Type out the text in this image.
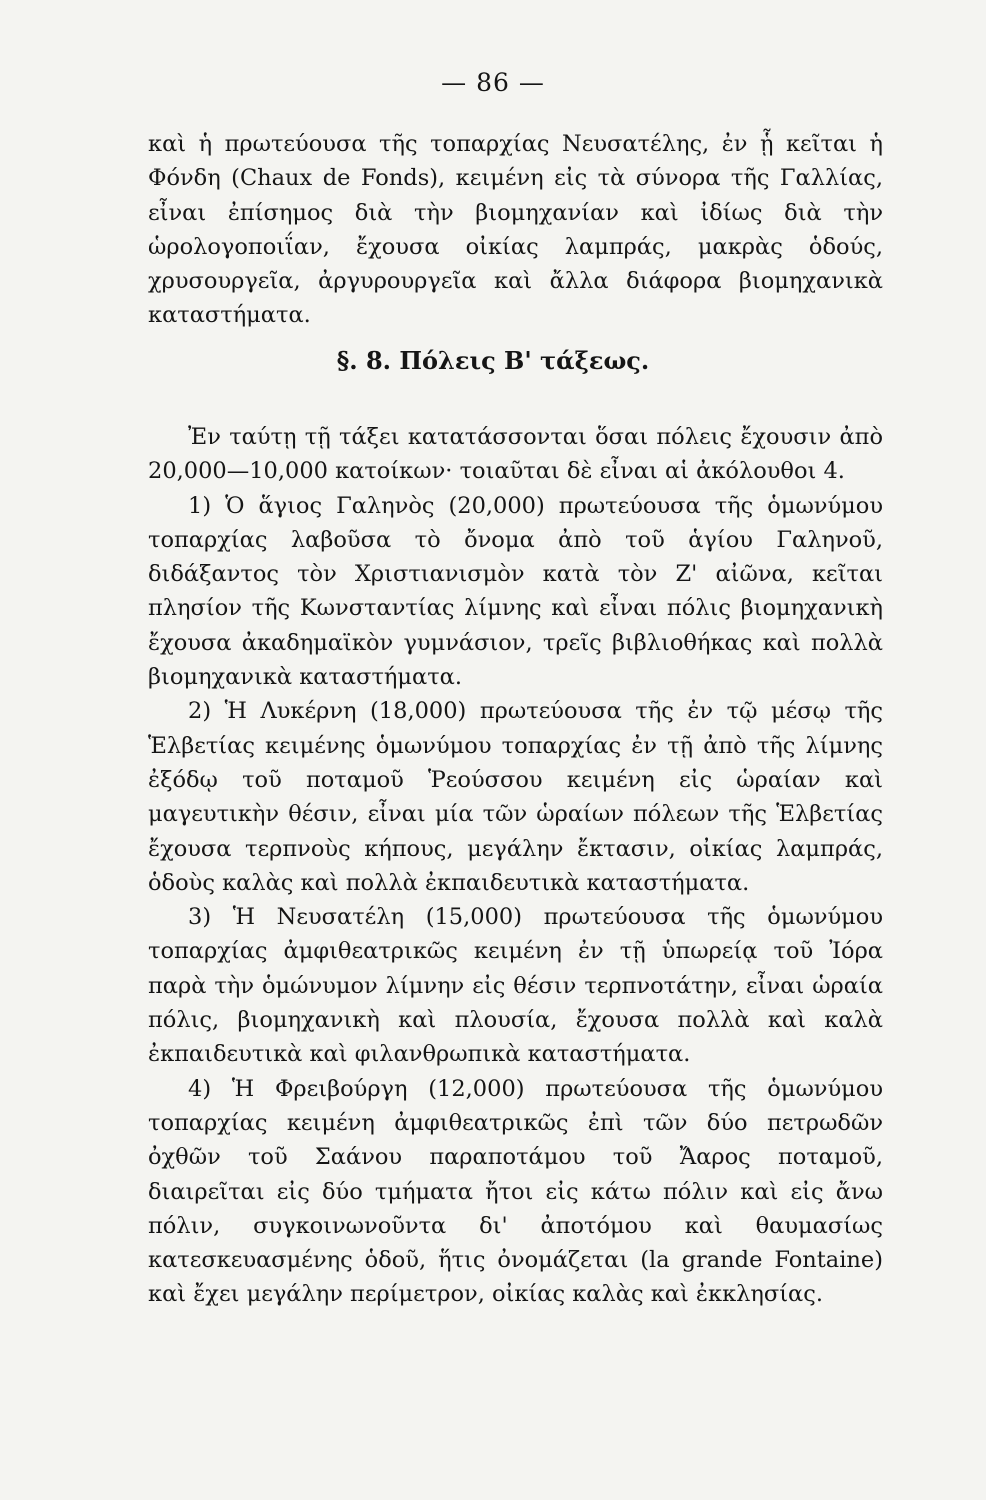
— 86 —

καὶ ἡ πρωτεύουσα τῆς τοπαρχίας Νευσατέλης, ἐν ᾗ κεῖται ἡ Φόνδη (Chaux de Fonds), κειμένη εἰς τὰ σύνορα τῆς Γαλλίας, εἶναι ἐπίσημος διὰ τὴν βιομηχανίαν καὶ ἰδίως διὰ τὴν ὡρολογοποιΐαν, ἔχουσα οἰκίας λαμπράς, μακρὰς ὁδούς, χρυσουργεῖα, ἀργυρουργεῖα καὶ ἄλλα διάφορα βιομηχανικὰ καταστήματα.

§. 8. Πόλεις Β' τάξεως.

Ἐν ταύτῃ τῇ τάξει κατατάσσονται ὅσαι πόλεις ἔχουσιν ἀπὸ 20,000—10,000 κατοίκων· τοιαῦται δὲ εἶναι αἱ ἀκόλουθοι 4.

1) Ὁ ἅγιος Γαληνὸς (20,000) πρωτεύουσα τῆς ὁμωνύμου τοπαρχίας λαβοῦσα τὸ ὄνομα ἀπὸ τοῦ ἁγίου Γαληνοῦ, διδάξαντος τὸν Χριστιανισμὸν κατὰ τὸν Ζ' αἰῶνα, κεῖται πλησίον τῆς Κωνσταντίας λίμνης καὶ εἶναι πόλις βιομηχανικὴ ἔχουσα ἀκαδημαϊκὸν γυμνάσιον, τρεῖς βιβλιοθήκας καὶ πολλὰ βιομηχανικὰ καταστήματα.

2) Ἡ Λυκέρνη (18,000) πρωτεύουσα τῆς ἐν τῷ μέσῳ τῆς Ἑλβετίας κειμένης ὁμωνύμου τοπαρχίας ἐν τῇ ἀπὸ τῆς λίμνης ἐξόδῳ τοῦ ποταμοῦ Ῥεούσσου κειμένη εἰς ὡραίαν καὶ μαγευτικὴν θέσιν, εἶναι μία τῶν ὡραίων πόλεων τῆς Ἑλβετίας ἔχουσα τερπνοὺς κήπους, μεγάλην ἔκτασιν, οἰκίας λαμπράς, ὁδοὺς καλὰς καὶ πολλὰ ἐκπαιδευτικὰ καταστήματα.

3) Ἡ Νευσατέλη (15,000) πρωτεύουσα τῆς ὁμωνύμου τοπαρχίας ἀμφιθεατρικῶς κειμένη ἐν τῇ ὑπωρείᾳ τοῦ Ἰόρα παρὰ τὴν ὁμώνυμον λίμνην εἰς θέσιν τερπνοτάτην, εἶναι ὡραία πόλις, βιομηχανικὴ καὶ πλουσία, ἔχουσα πολλὰ καὶ καλὰ ἐκπαιδευτικὰ καὶ φιλανθρωπικὰ καταστήματα.

4) Ἡ Φρειβούργη (12,000) πρωτεύουσα τῆς ὁμωνύμου τοπαρχίας κειμένη ἀμφιθεατρικῶς ἐπὶ τῶν δύο πετρωδῶν ὀχθῶν τοῦ Σαάνου παραποτάμου τοῦ Ἄαρος ποταμοῦ, διαιρεῖται εἰς δύο τμήματα ἤτοι εἰς κάτω πόλιν καὶ εἰς ἄνω πόλιν, συγκοινωνοῦντα δι' ἀποτόμου καὶ θαυμασίως κατεσκευασμένης ὁδοῦ, ἥτις ὀνομάζεται (la grande Fontaine) καὶ ἔχει μεγάλην περίμετρον, οἰκίας καλὰς καὶ ἐκκλησίας.
